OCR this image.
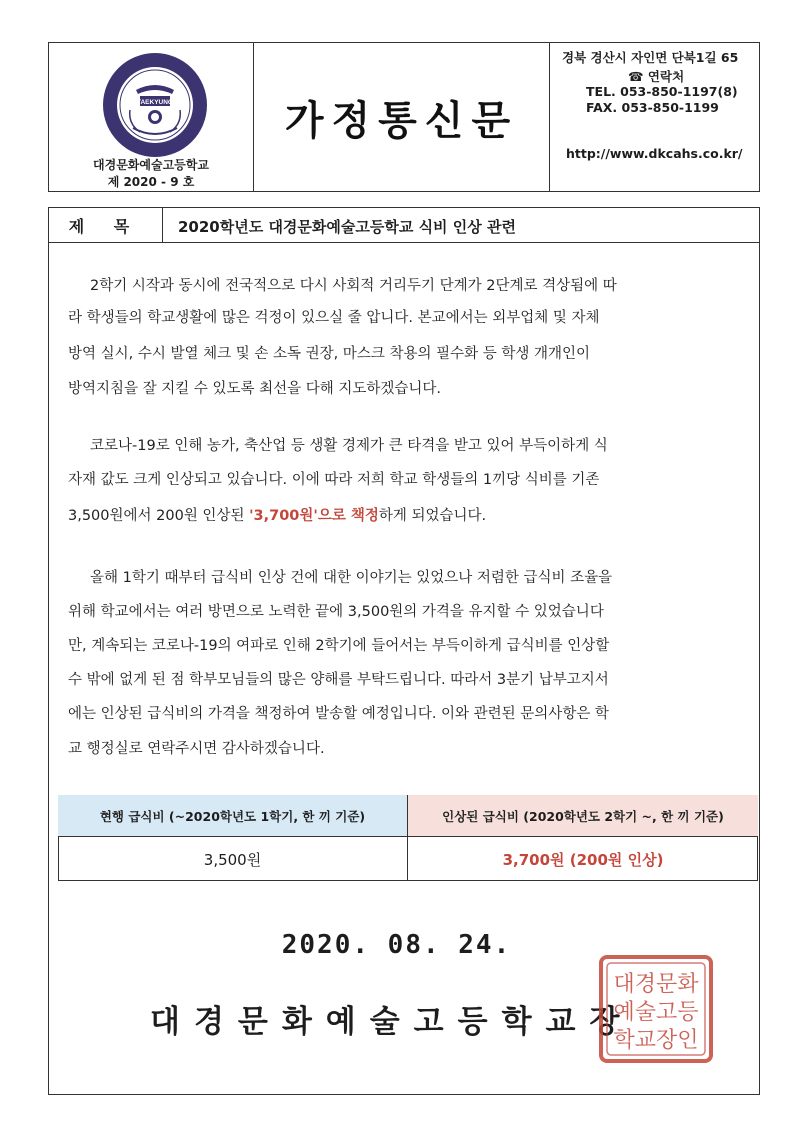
TAEKYUNG
대경문화예술고등학교
제 2020 - 9 호
가정통신문
경북 경산시 자인면 단북1길 65
☎ 연락처
TEL. 053-850-1197(8)
FAX. 053-850-1199
http://www.dkcahs.co.kr/
제 목 2020학년도 대경문화예술고등학교 식비 인상 관련
2학기 시작과 동시에 전국적으로 다시 사회적 거리두기 단계가 2단계로 격상됨에 따
라 학생들의 학교생활에 많은 걱정이 있으실 줄 압니다. 본교에서는 외부업체 및 자체
방역 실시, 수시 발열 체크 및 손 소독 권장, 마스크 착용의 필수화 등 학생 개개인이
방역지침을 잘 지킬 수 있도록 최선을 다해 지도하겠습니다.
코로나-19로 인해 농가, 축산업 등 생활 경제가 큰 타격을 받고 있어 부득이하게 식
자재 값도 크게 인상되고 있습니다. 이에 따라 저희 학교 학생들의 1끼당 식비를 기존
3,500원에서 200원 인상된 '3,700원'으로 책정하게 되었습니다.
올해 1학기 때부터 급식비 인상 건에 대한 이야기는 있었으나 저렴한 급식비 조율을
위해 학교에서는 여러 방면으로 노력한 끝에 3,500원의 가격을 유지할 수 있었습니다
만, 계속되는 코로나-19의 여파로 인해 2학기에 들어서는 부득이하게 급식비를 인상할
수 밖에 없게 된 점 학부모님들의 많은 양해를 부탁드립니다. 따라서 3분기 납부고지서
에는 인상된 급식비의 가격을 책정하여 발송할 예정입니다. 이와 관련된 문의사항은 학
교 행정실로 연락주시면 감사하겠습니다.
현행 급식비 (~2020학년도 1학기, 한 끼 기준)	인상된 급식비 (2020학년도 2학기 ~, 한 끼 기준)
3,500원	3,700원 (200원 인상)
2020. 08. 24.
대경문화예술고등학교장
대경문화
예술고등
학교장인
